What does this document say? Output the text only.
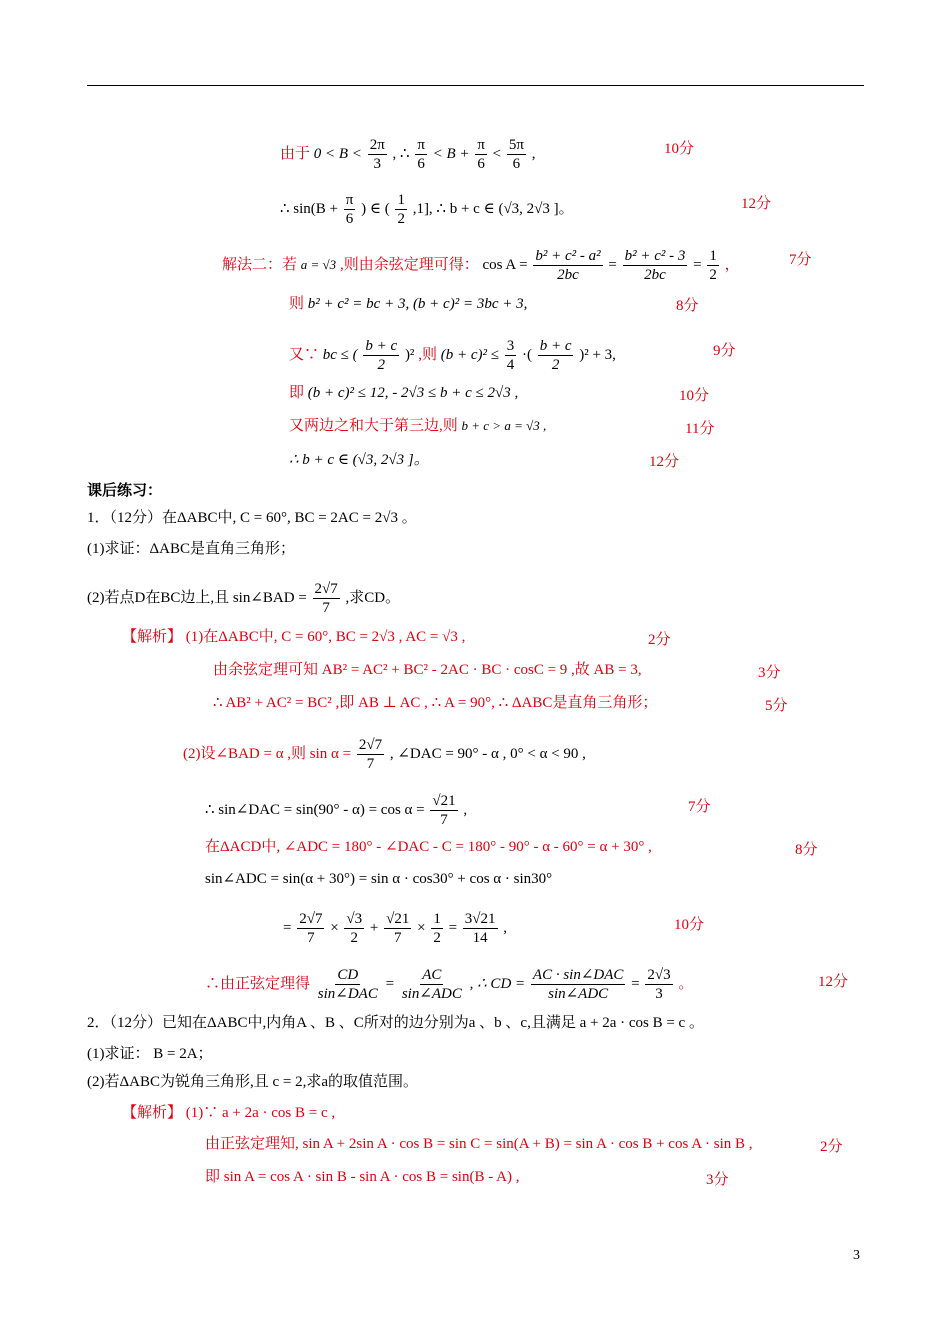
由于 $0 < B < \frac{2\pi}{3}$ , ∴ $\frac{\pi}{6} < B + \frac{\pi}{6} < \frac{5\pi}{6}$ ,	10分
∴ $\sin(B + \frac{\pi}{6}$ ) ∈ ( $\frac{1}{2} ,1$], ∴ b + c ∈ (√3, 2√3 ]。	12分
解法二：若 a = √3 ,则由余弦定理可得： $\cos A = \frac{\text{b² + c² - a²}}{2bc} = \frac{\text{b² + c² - 3}}{2bc} = \frac{1}{2}$ ，	7分
则 b² + c² = bc + 3, (b + c)² = 3bc + 3,	8分
又∵ bc ≤ ( $\frac{b + c}{2} )^2$ ,则 $(b + c)^2 \le \frac{3}{4}$ ·( $\frac{b + c}{2} )^2 + 3$,	9分
即 (b + c)² ≤ 12, - 2√3 ≤ b + c ≤ 2√3 ,	10分
又两边之和大于第三边,则 b + c > a = √3 ,	11分
∴ b + c ∈ (√3, 2√3 ]。	12分
课后练习：
1．（12分）在ΔABC中, C = 60°, BC = 2AC = 2√3 。
(1)求证：ΔABC是直角三角形；
(2)若点D在BC边上,且 sin∠BAD = $\frac{2√7}{7}$ ,求CD。
【解析】 (1)在ΔABC中, C = 60°, BC = 2√3 , AC = √3 ,	2分
由余弦定理可知 AB² = AC² + BC² - 2AC · BC · cosC = 9 ,故 AB = 3,	3分
∴ AB² + AC² = BC² ,即 AB ⊥ AC , ∴ A = 90°, ∴ ΔABC是直角三角形；	5分
(2)设∠BAD = α ,则 $\sin \alpha = \frac{2√7}{7}$ , ∠DAC = 90° - α , 0° < α < 90 ,
∴ sin∠DAC = $\sin(90^\circ - \alpha) = \cos \alpha = \frac{√21}{7}$ ,	7分
在ΔACD中, ∠ADC = 180° - ∠DAC - C = 180° - 90° - α - 60° = α + 30° ,	8分
sin∠ADC = sin(α + 30°) = sin α · cos30° + cos α · sin30°
= $\frac{2√7}{7} \times \frac{√3}{2} + \frac{√21}{7} \times \frac{1}{2} = \frac{3√21}{14}$ ,	10分
∴由正弦定理得 $\frac{CD}{\text{sin∠DAC}} = \frac{AC}{\text{sin∠ADC}}$ , ∴ CD = $\frac{\text{AC · sin∠DAC}}{\text{sin∠ADC}} = \frac{2√3}{3}$ 。	12分
2．（12分）已知在ΔABC中,内角A 、B 、C所对的边分别为a 、b 、c,且满足 a + 2a · cos B = c 。
(1)求证： B = 2A；
(2)若ΔABC为锐角三角形,且 c = 2,求a的取值范围。
【解析】 (1)∵ a + 2a · cos B = c ,
由正弦定理知, sin A + 2sin A · cos B = sin C = sin(A + B) = sin A · cos B + cos A · sin B ,	2分
即 sin A = cos A · sin B - sin A · cos B = sin(B - A) ,	3分
3
